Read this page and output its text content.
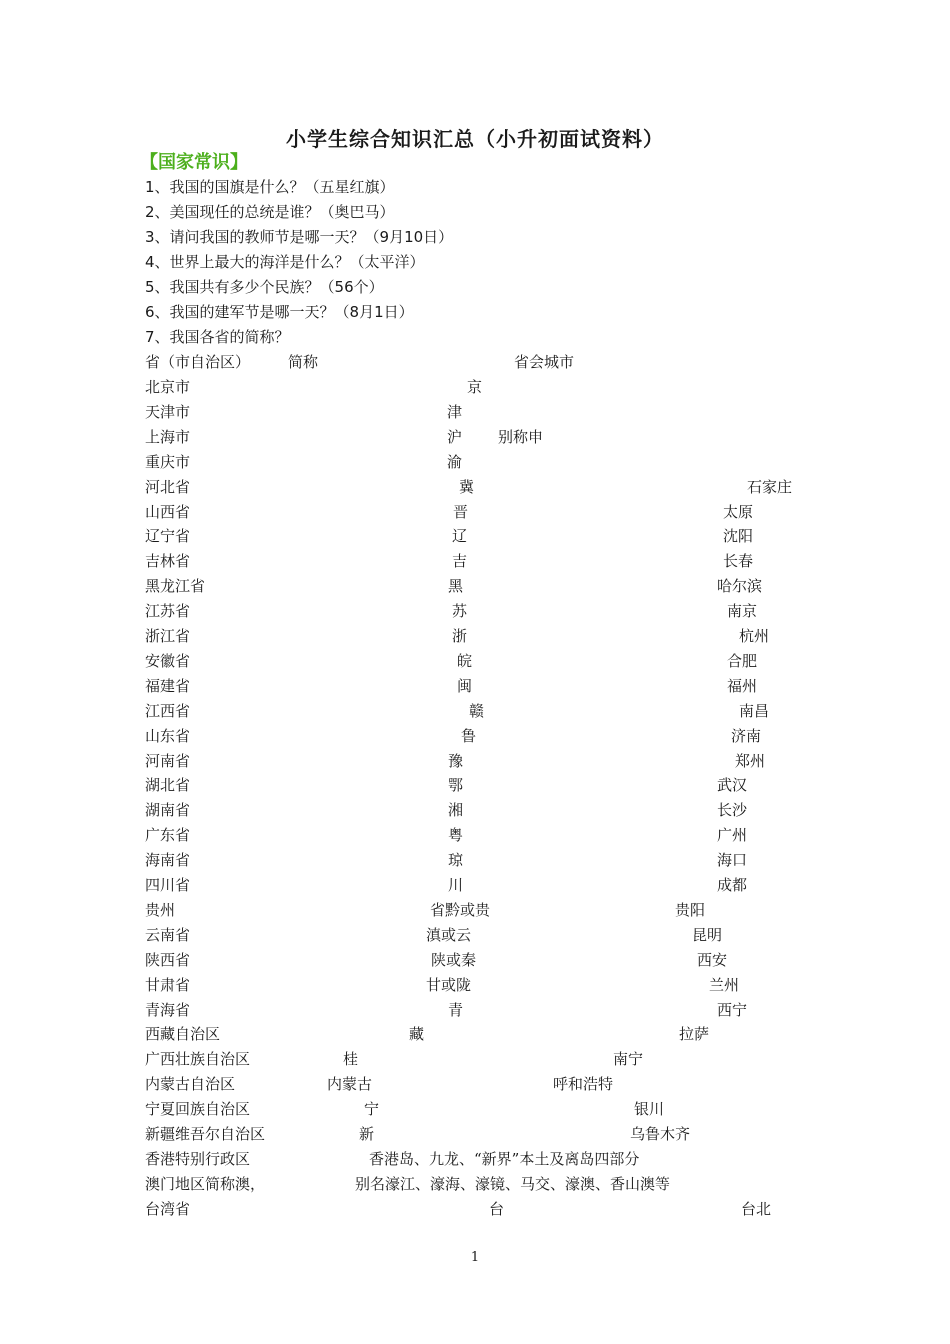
小学生综合知识汇总（小升初面试资料）
【国家常识】
1、我国的国旗是什么？（五星红旗）
2、美国现任的总统是谁？（奥巴马）
3、请问我国的教师节是哪一天？（9月10日）
4、世界上最大的海洋是什么？（太平洋）
5、我国共有多少个民族？（56个）
6、我国的建军节是哪一天？（8月1日）
7、我国各省的简称？
省（市自治区）	简称	省会城市
北京市	京
天津市	津
上海市	沪 别称申
重庆市	渝
河北省	冀	石家庄
山西省	晋	太原
辽宁省	辽	沈阳
吉林省	吉	长春
黑龙江省	黑	哈尔滨
江苏省	苏	南京
浙江省	浙	杭州
安徽省	皖	合肥
福建省	闽	福州
江西省	赣	南昌
山东省	鲁	济南
河南省	豫	郑州
湖北省	鄂	武汉
湖南省	湘	长沙
广东省	粤	广州
海南省	琼	海口
四川省	川	成都
贵州	省黔或贵	贵阳
云南省	滇或云	昆明
陕西省	陕或秦	西安
甘肃省	甘或陇	兰州
青海省	青	西宁
西藏自治区	藏	拉萨
广西壮族自治区	桂	南宁
内蒙古自治区	内蒙古	呼和浩特
宁夏回族自治区	宁	银川
新疆维吾尔自治区	新	乌鲁木齐
香港特别行政区	香港岛、九龙、“新界”本土及离岛四部分
澳门地区简称澳，	别名濠江、濠海、濠镜、马交、濠澳、香山澳等
台湾省	台	台北
1
